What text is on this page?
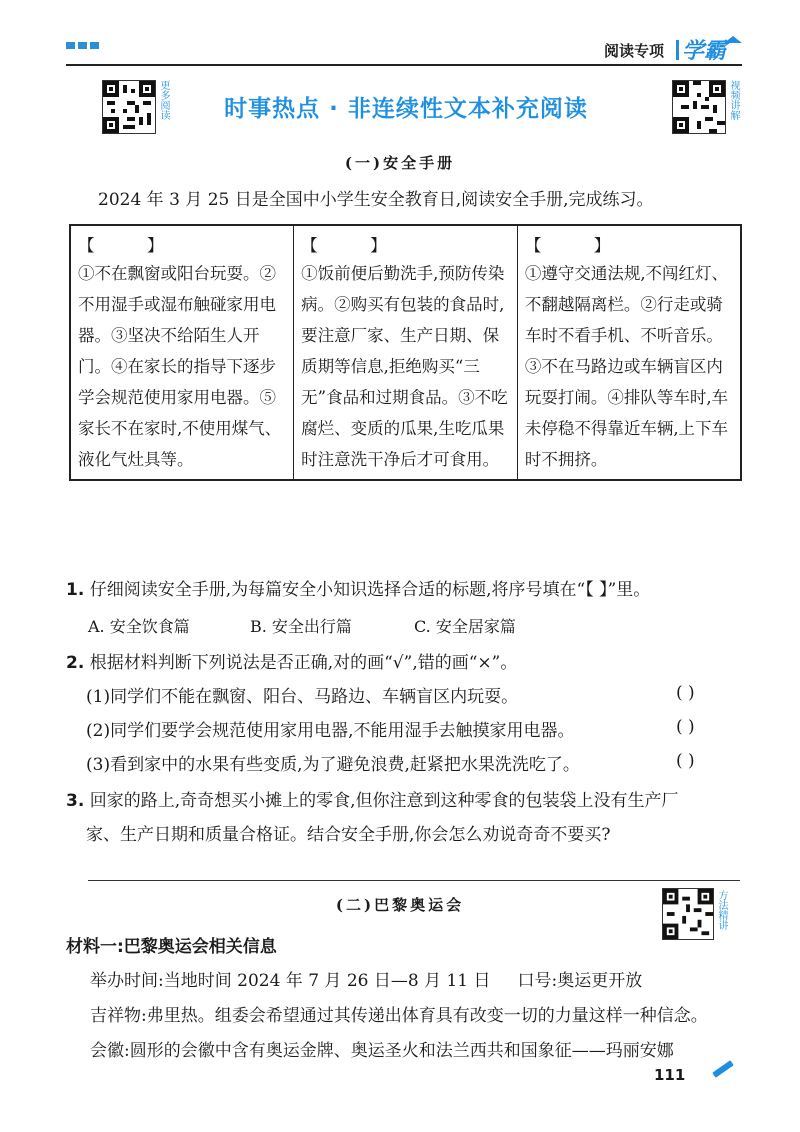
阅读专项 学霸
更多阅读	视频讲解
时事热点 · 非连续性文本补充阅读
(一)安全手册
2024 年 3 月 25 日是全国中小学生安全教育日,阅读安全手册,完成练习。
【          】
①不在飘窗或阳台玩耍。②不用湿手或湿布触碰家用电器。③坚决不给陌生人开门。④在家长的指导下逐步学会规范使用家用电器。⑤家长不在家时,不使用煤气、液化气灶具等。

【          】
①饭前便后勤洗手,预防传染病。②购买有包装的食品时,要注意厂家、生产日期、保质期等信息,拒绝购买“三无”食品和过期食品。③不吃腐烂、变质的瓜果,生吃瓜果时注意洗干净后才可食用。

【          】
①遵守交通法规,不闯红灯、不翻越隔离栏。②行走或骑车时不看手机、不听音乐。③不在马路边或车辆盲区内玩耍打闹。④排队等车时,车未停稳不得靠近车辆,上下车时不拥挤。
1. 仔细阅读安全手册,为每篇安全小知识选择合适的标题,将序号填在“【 】”里。
A. 安全饮食篇	B. 安全出行篇	C. 安全居家篇
2. 根据材料判断下列说法是否正确,对的画“√”,错的画“×”。
(1)同学们不能在飘窗、阳台、马路边、车辆盲区内玩耍。	( )
(2)同学们要学会规范使用家用电器,不能用湿手去触摸家用电器。	( )
(3)看到家中的水果有些变质,为了避免浪费,赶紧把水果洗洗吃了。	( )
3. 回家的路上,奇奇想买小摊上的零食,但你注意到这种零食的包装袋上没有生产厂
家、生产日期和质量合格证。结合安全手册,你会怎么劝说奇奇不要买?
(二)巴黎奥运会	方法精讲
材料一:巴黎奥运会相关信息
举办时间:当地时间 2024 年 7 月 26 日—8 月 11 日     口号:奥运更开放
吉祥物:弗里热。组委会希望通过其传递出体育具有改变一切的力量这样一种信念。
会徽:圆形的会徽中含有奥运金牌、奥运圣火和法兰西共和国象征——玛丽安娜
111
